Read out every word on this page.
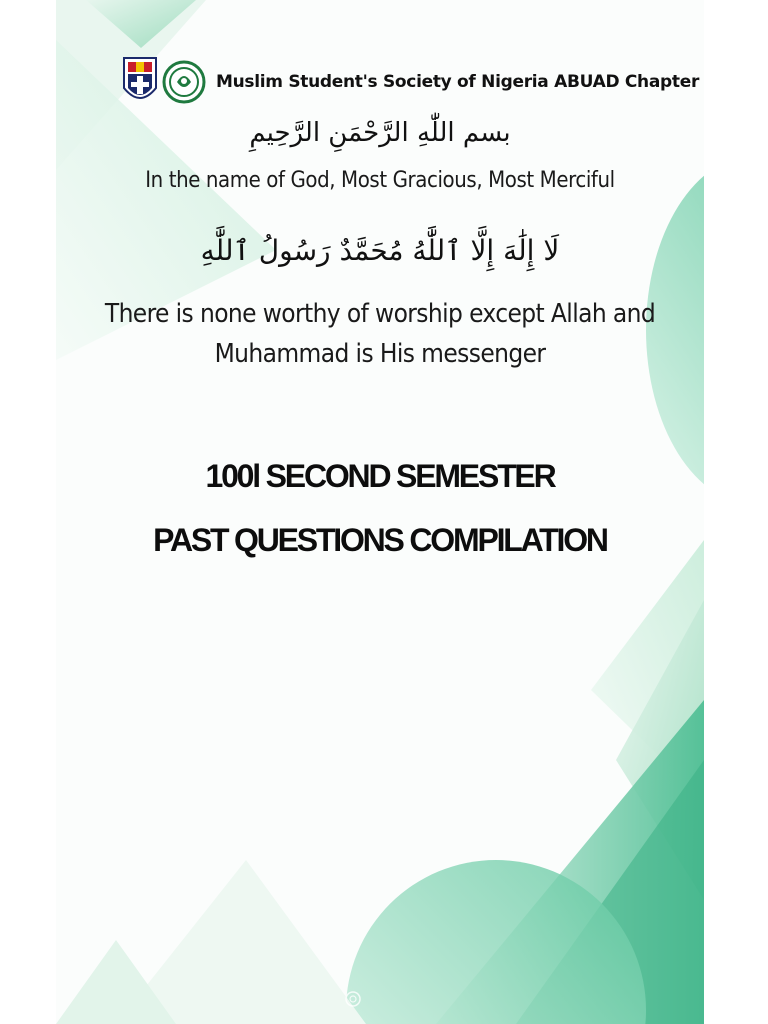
Muslim Student's Society of Nigeria ABUAD Chapter
بسم اللّٰهِ الرَّحْمَنِ الرَّحِيمِ
In the name of God, Most Gracious, Most Merciful
لَا إِلَٰهَ إِلَّا ٱللَّٰهُ مُحَمَّدٌ رَسُولُ ٱللَّٰهِ
There is none worthy of worship except Allah and Muhammad is His messenger
100l SECOND SEMESTER
PAST QUESTIONS COMPILATION
